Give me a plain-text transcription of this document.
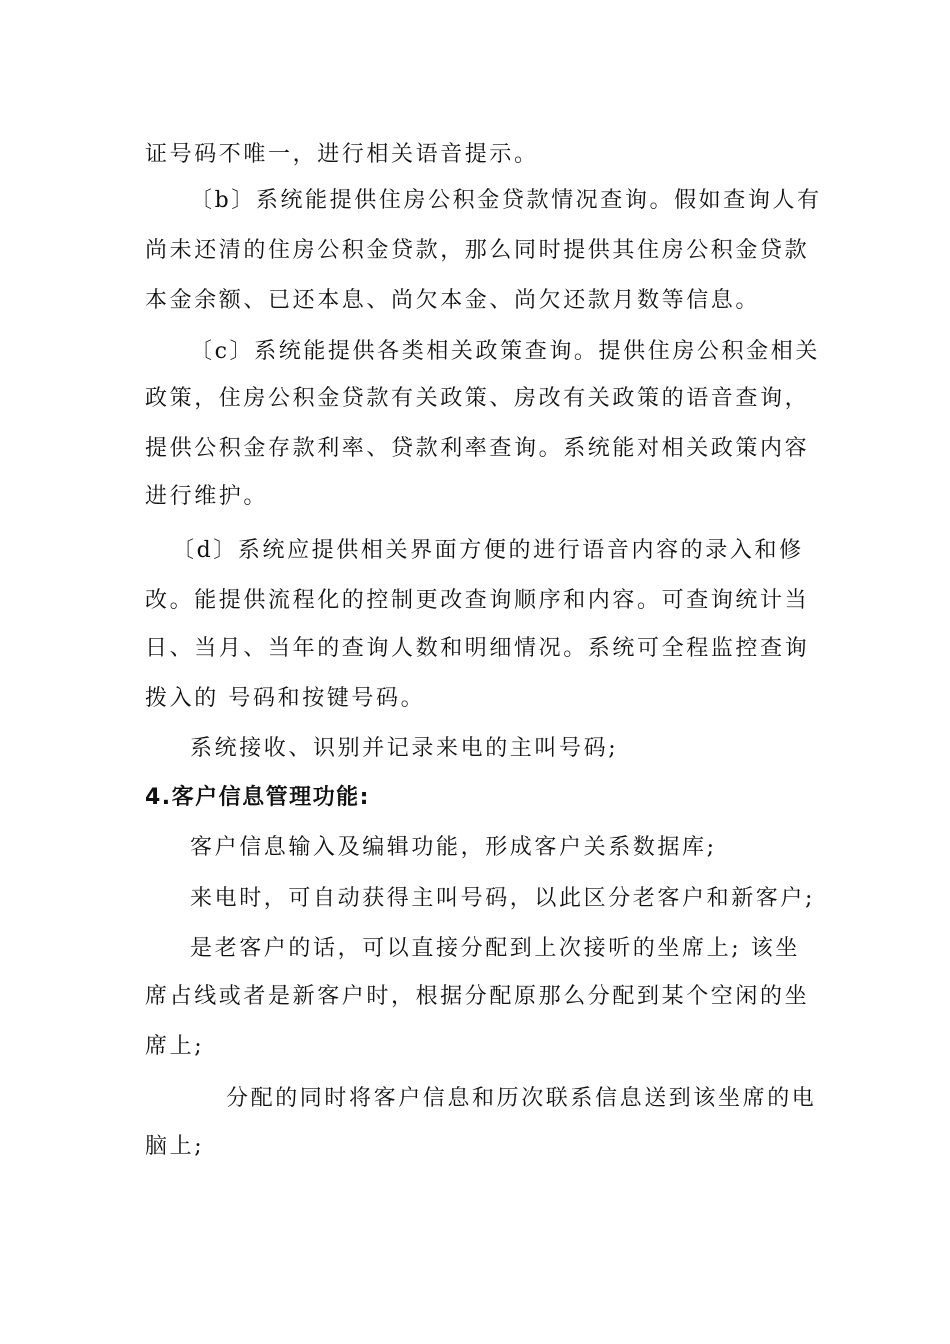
证号码不唯一，进行相关语音提示。
〔b〕系统能提供住房公积金贷款情况查询。假如查询人有
尚未还清的住房公积金贷款，那么同时提供其住房公积金贷款
本金余额、已还本息、尚欠本金、尚欠还款月数等信息。
〔c〕系统能提供各类相关政策查询。提供住房公积金相关
政策，住房公积金贷款有关政策、房改有关政策的语音查询，
提供公积金存款利率、贷款利率查询。系统能对相关政策内容
进行维护。
〔d〕系统应提供相关界面方便的进行语音内容的录入和修
改。能提供流程化的控制更改查询顺序和内容。可查询统计当
日、当月、当年的查询人数和明细情况。系统可全程监控查询
拨入的 号码和按键号码。
系统接收、识别并记录来电的主叫号码;
4.客户信息管理功能:
客户信息输入及编辑功能，形成客户关系数据库;
来电时，可自动获得主叫号码，以此区分老客户和新客户;
是老客户的话，可以直接分配到上次接听的坐席上; 该坐
席占线或者是新客户时，根据分配原那么分配到某个空闲的坐
席上;
分配的同时将客户信息和历次联系信息送到该坐席的电
脑上;
